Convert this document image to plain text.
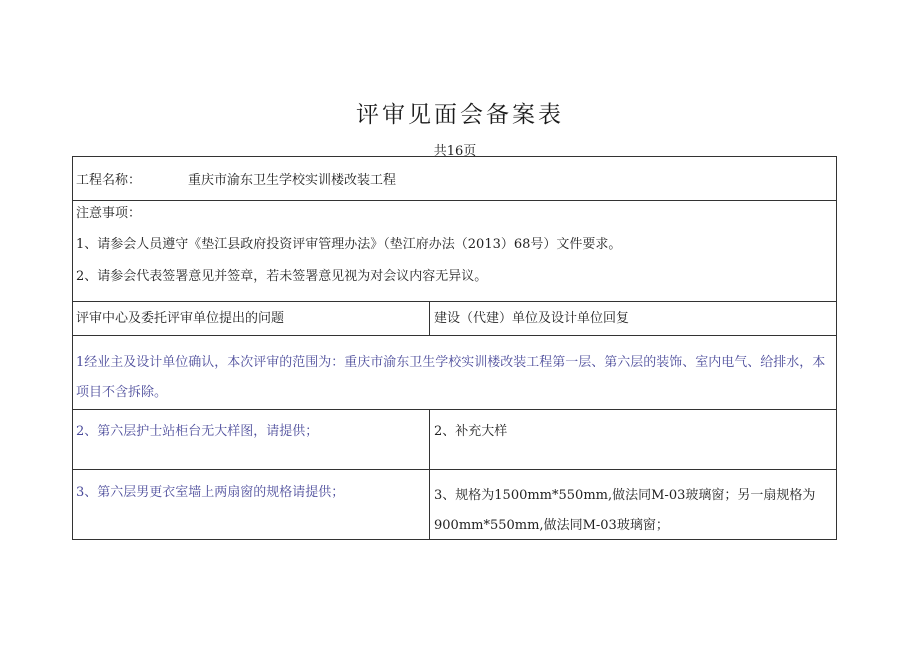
评审见面会备案表
共16页
工程名称：	重庆市渝东卫生学校实训楼改装工程
注意事项：
1、请参会人员遵守《垫江县政府投资评审管理办法》（垫江府办法（2013）68号）文件要求。
2、请参会代表签署意见并签章，若未签署意见视为对会议内容无异议。
评审中心及委托评审单位提出的问题	建设（代建）单位及设计单位回复
1经业主及设计单位确认，本次评审的范围为：重庆市渝东卫生学校实训楼改装工程第一层、第六层的装饰、室内电气、给排水，本项目不含拆除。
2、第六层护士站柜台无大样图，请提供；	2、补充大样
3、第六层男更衣室墙上两扇窗的规格请提供；	3、规格为1500mm*550mm,做法同M-03玻璃窗；另一扇规格为900mm*550mm,做法同M-03玻璃窗；
